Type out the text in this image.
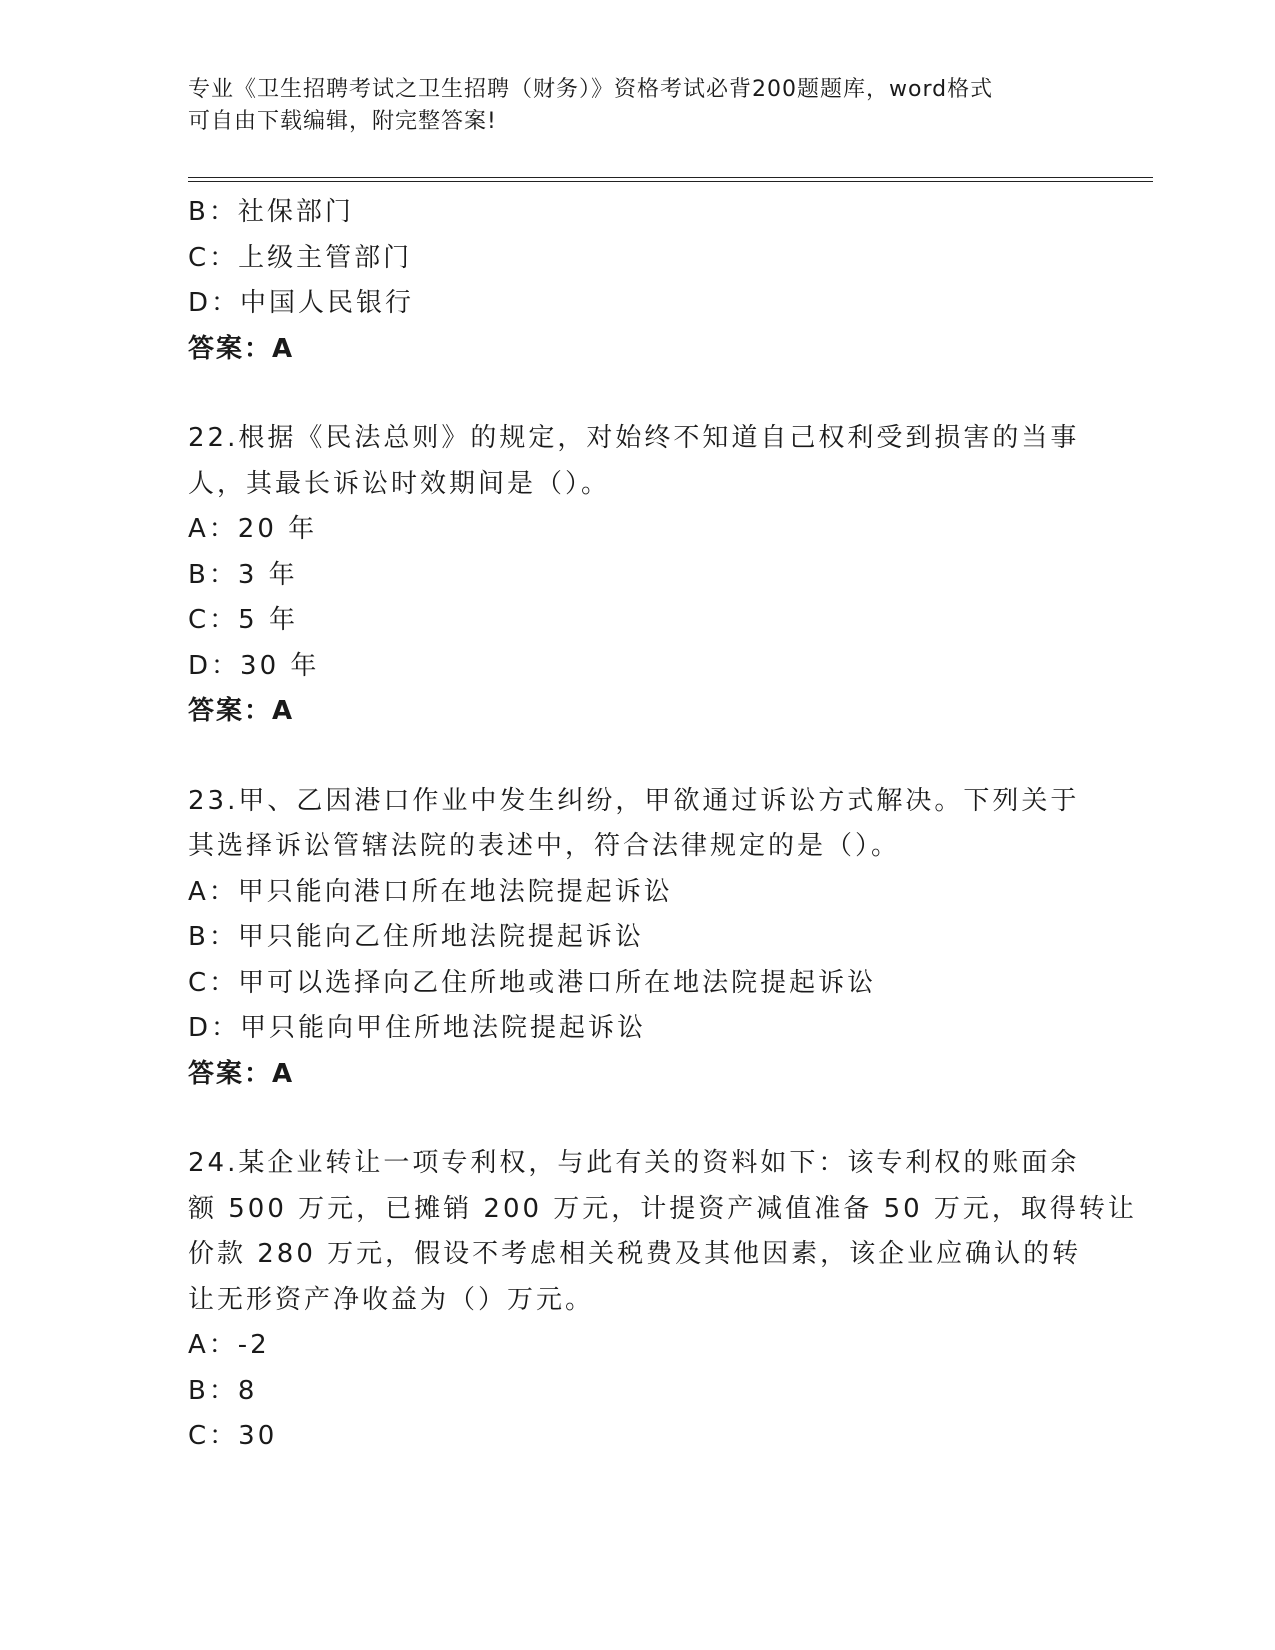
专业《卫生招聘考试之卫生招聘（财务）》资格考试必背200题题库，word格式
可自由下载编辑，附完整答案!
B：社保部门
C：上级主管部门
D：中国人民银行
答案：A
22.根据《民法总则》的规定，对始终不知道自己权利受到损害的当事
人，其最长诉讼时效期间是（）。
A：20 年
B：3 年
C：5 年
D：30 年
答案：A
23.甲、乙因港口作业中发生纠纷，甲欲通过诉讼方式解决。下列关于
其选择诉讼管辖法院的表述中，符合法律规定的是（）。
A：甲只能向港口所在地法院提起诉讼
B：甲只能向乙住所地法院提起诉讼
C：甲可以选择向乙住所地或港口所在地法院提起诉讼
D：甲只能向甲住所地法院提起诉讼
答案：A
24.某企业转让一项专利权，与此有关的资料如下：该专利权的账面余
额 500 万元，已摊销 200 万元，计提资产减值准备 50 万元，取得转让
价款 280 万元，假设不考虑相关税费及其他因素，该企业应确认的转
让无形资产净收益为（）万元。
A：-2
B：8
C：30
